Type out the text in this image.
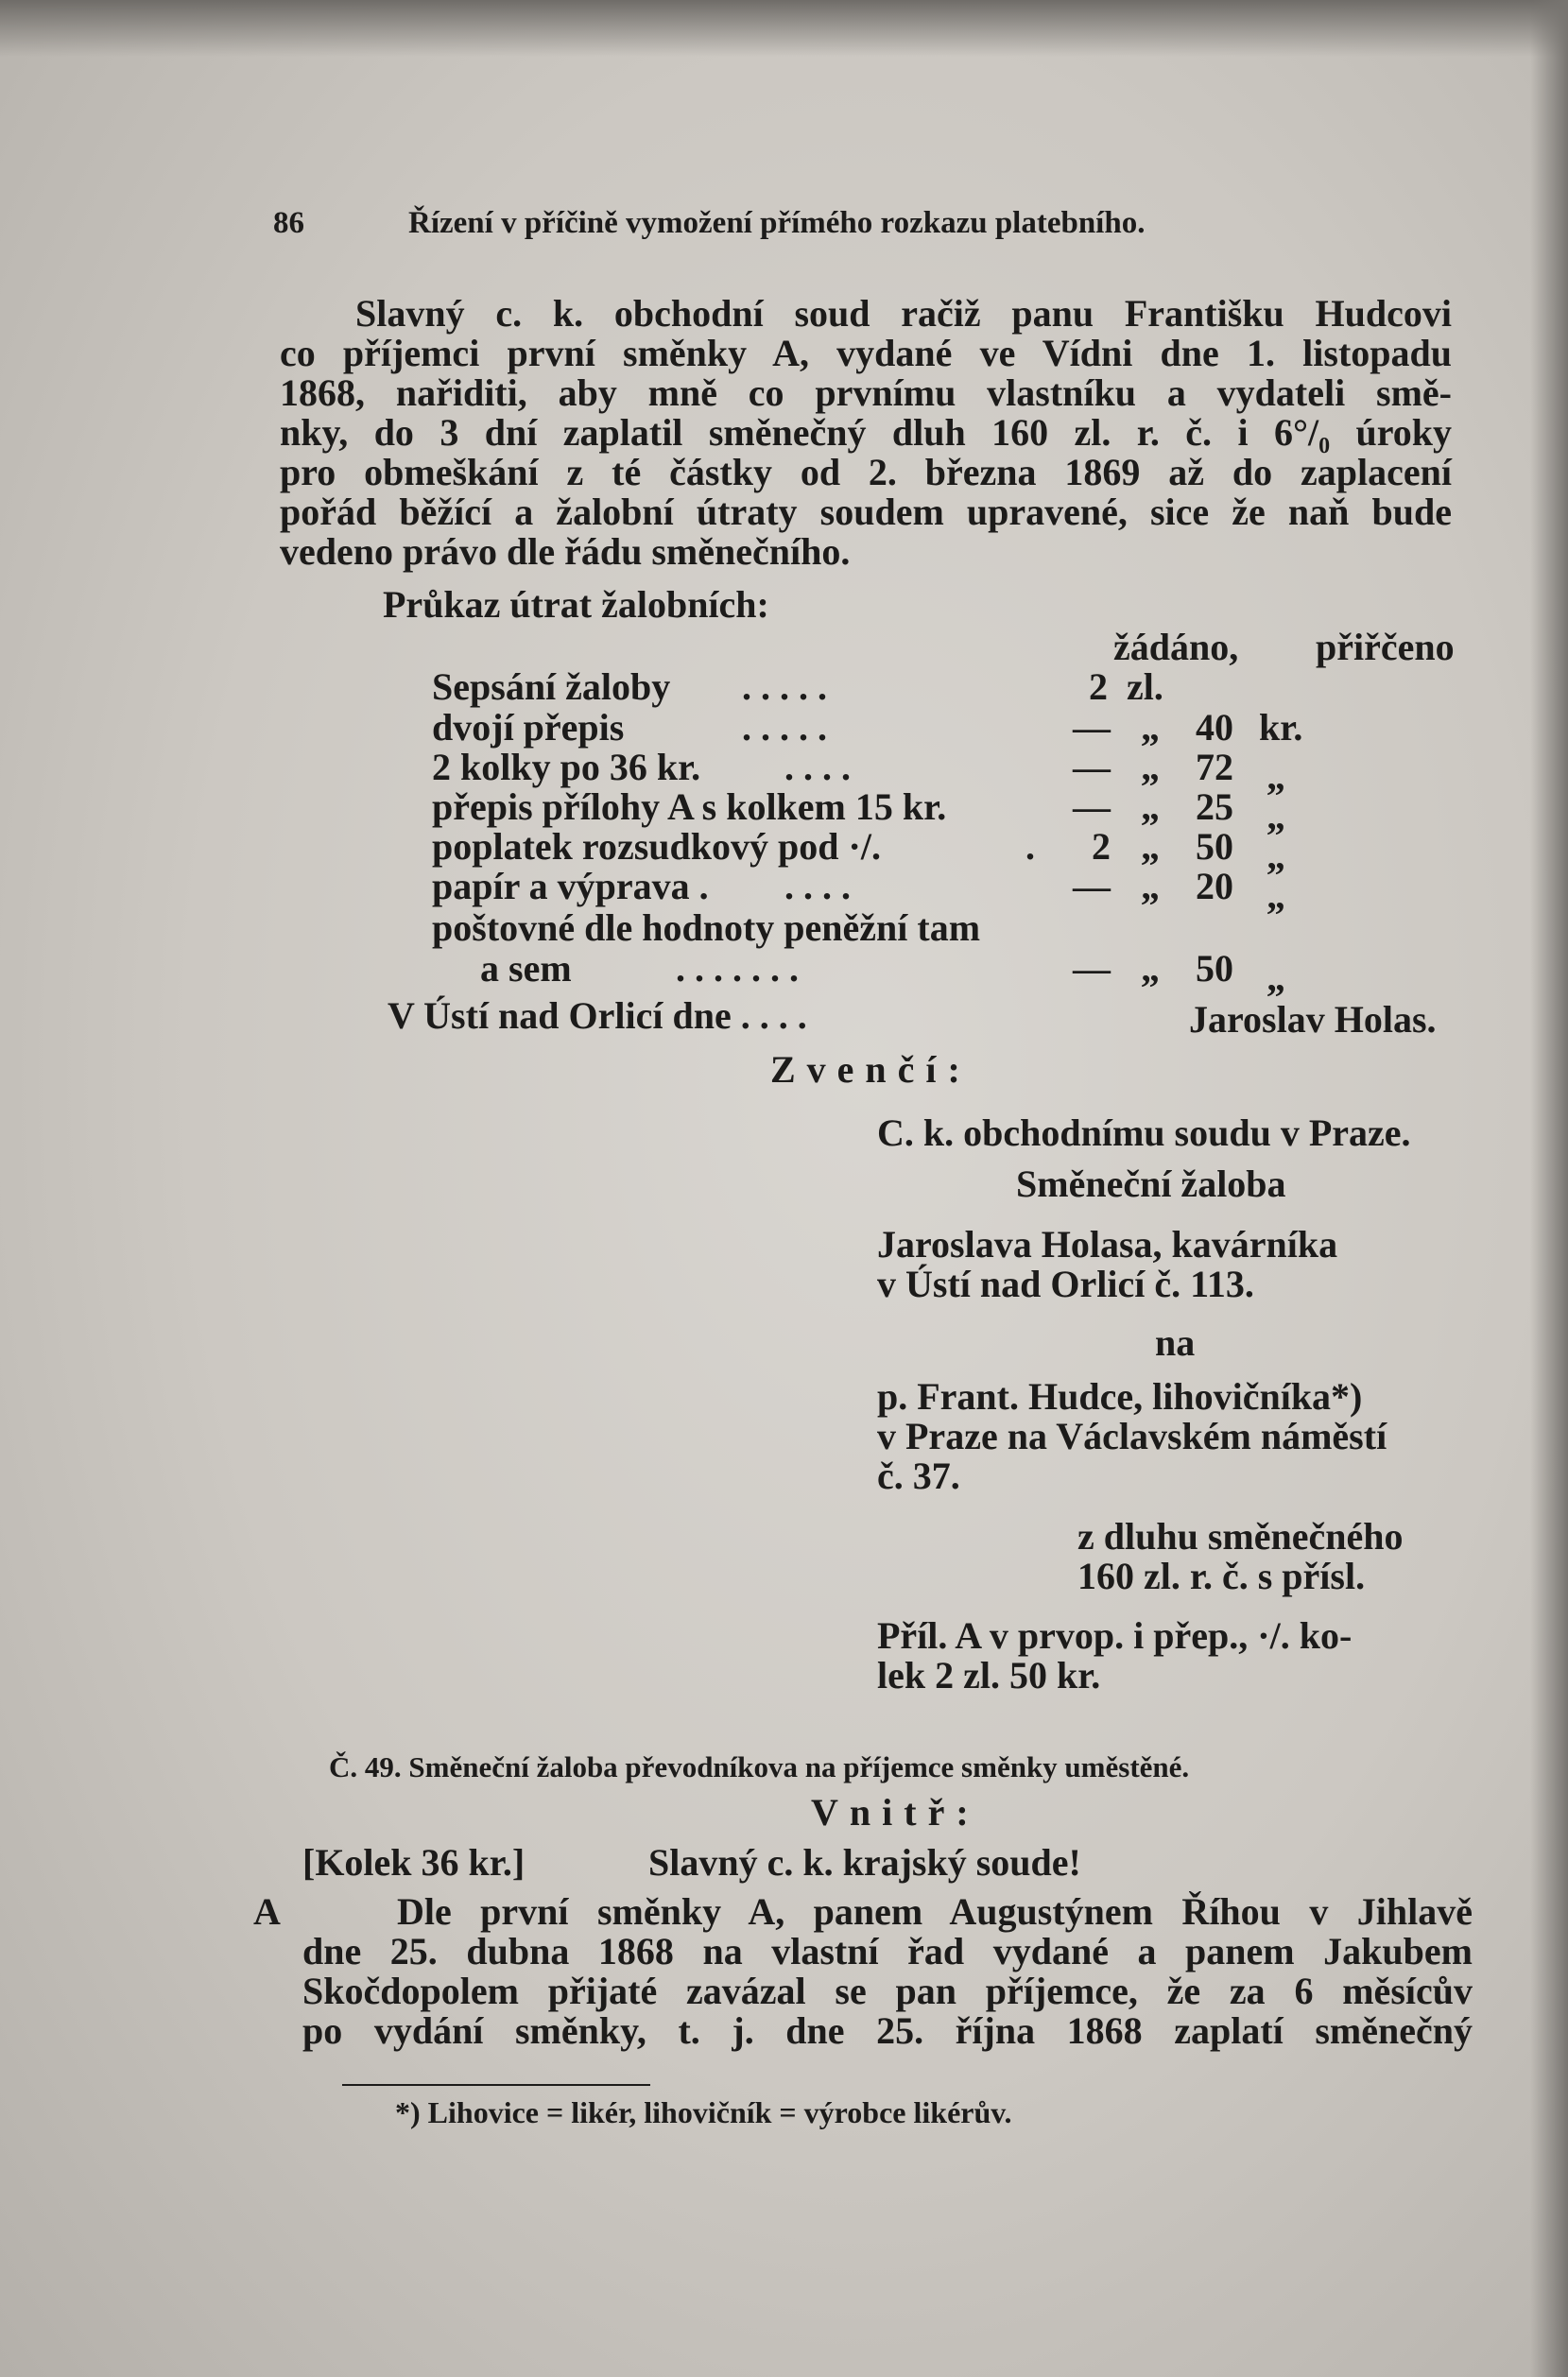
86	Řízení v příčině vymožení přímého rozkazu platebního.
Slavný c. k. obchodní soud račiž panu Františku Hudcovi
co příjemci první směnky A, vydané ve Vídni dne 1. listopadu
1868, nařiditi, aby mně co prvnímu vlastníku a vydateli smě-
nky, do 3 dní zaplatil směnečný dluh 160 zl. r. č. i 6°/₀ úroky
pro obmeškání z té částky od 2. března 1869 až do zaplacení
pořád běžící a žalobní útraty soudem upravené, sice že naň bude
vedeno právo dle řádu směnečního.
Průkaz útrat žalobních:
žádáno, přiřčeno
Sepsání žaloby . . . . .	2 zl.
dvojí přepis	. . . . .	— „ 40 kr.
2 kolky po 36 kr. . . . .	— „ 72 „
přepis přílohy A s kolkem 15 kr.	— „ 25 „
poplatek rozsudkový pod ·/.	. 2 „ 50 „
papír a výprava . . . . .	— „ 20 „
poštovné dle hodnoty peněžní tam
a sem	. . . . . . .	— „ 50 „
V Ústí nad Orlicí dne . . . .	Jaroslav Holas.
Zvenčí:
C. k. obchodnímu soudu v Praze.
Směneční žaloba
Jaroslava Holasa, kavárníka
v Ústí nad Orlicí č. 113.
na
p. Frant. Hudce, lihovičníka*)
v Praze na Václavském náměstí
č. 37.
z dluhu směnečného
160 zl. r. č. s přísl.
Příl. A v prvop. i přep., ·/. ko-
lek 2 zl. 50 kr.
Č. 49. Směneční žaloba převodníkova na příjemce směnky uměstěné.
Vnitř:
[Kolek 36 kr.]	Slavný c. k. krajský soude!
A	Dle první směnky A, panem Augustýnem Říhou v Jihlavě
dne 25. dubna 1868 na vlastní řad vydané a panem Jakubem
Skočdopolem přijaté zavázal se pan příjemce, že za 6 měsícův
po vydání směnky, t. j. dne 25. října 1868 zaplatí směnečný
*) Lihovice = likér, lihovičník = výrobce likérův.
